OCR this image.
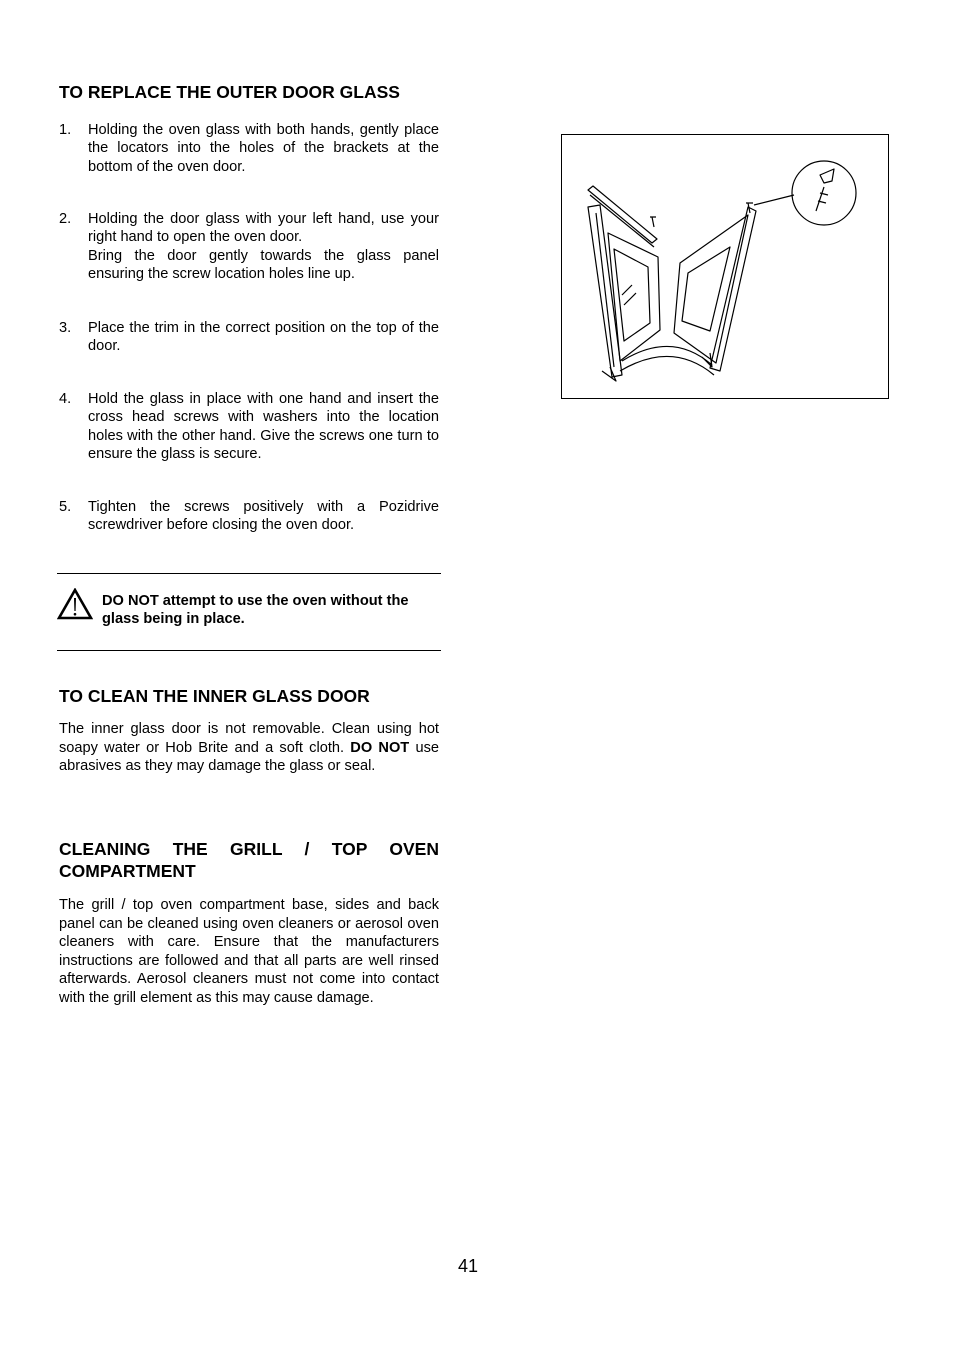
TO REPLACE THE OUTER DOOR GLASS
1. Holding the oven glass with both hands, gently place the locators into the holes of the brackets at the bottom of the oven door.

2. Holding the door glass with your left hand, use your right hand to open the oven door.

Bring the door gently towards the glass panel ensuring the screw location holes line up.

3. Place the trim in the correct position on the top of the door.

4. Hold the glass in place with one hand and insert the cross head screws with washers into the location holes with the other hand. Give the screws one turn to ensure the glass is secure.

5. Tighten the screws positively with a Pozidrive screwdriver before closing the oven door.

DO NOT attempt to use the oven without the glass being in place.
TO CLEAN THE INNER GLASS DOOR

The inner glass door is not removable. Clean using hot soapy water or Hob Brite and a soft cloth. DO NOT use abrasives as they may damage the glass or seal.

CLEANING THE GRILL / TOP OVEN COMPARTMENT

The grill / top oven compartment base, sides and back panel can be cleaned using oven cleaners or aerosol oven cleaners with care. Ensure that the manufacturers instructions are followed and that all parts are well rinsed afterwards. Aerosol cleaners must not come into contact with the grill element as this may cause damage.

41
